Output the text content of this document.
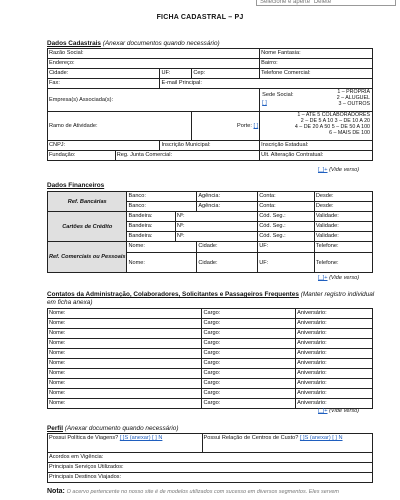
Selecione e aperte "Delete"
FICHA CADASTRAL – PJ
Dados Cadastrais (Anexar documentos quando necessário)
Razão Social:				Nome Fantasia:
Endereço:				Bairro:
Cidade:		UF:	Cep:	Telefone Comercial:
Fax:		E-mail Principal:		
Empresa(s) Associada(s):				Sede Social:
[ ]
1 – PRÓPRIA
2 – ALUGUEL
3 – OUTROS

Ramo de Atividade:			Porte: [ ]	1 – ATÉ 5 COLABORADORES
2 – DE 5 A 10 3 – DE 10 A 20
4 – DE 20 A 50 5 – DE 50 A 100
6 – MAIS DE 100

CNPJ:		Inscrição Municipal:		Inscrição Estadual:
Fundação:	Reg. Junta Comercial:			Ult. Alteração Contratual:
[_]+ (Vide verso)
Dados Financeiros
Ref. Bancárias	Banco:		Agência:	Conta:	Desde:
	Banco:		Agência:	Conta:	Desde:
Cartões de Crédito	Bandeira:	Nº:		Cód. Seg.:	Validade:
	Bandeira:	Nº:		Cód. Seg.:	Validade:
	Bandeira:	Nº:		Cód. Seg.:	Validade:
Ref. Comerciais ou Pessoais	Nome:		Cidade:	UF:	Telefone:
	Nome:		Cidade:	UF:	Telefone:
[_]+ (Vide verso)
Contatos da Administração, Colaboradores, Solicitantes e Passageiros Frequentes (Manter registro individual em ficha anexa)
Nome:	Cargo:	Aniversário:
Nome:	Cargo:	Aniversário:
Nome:	Cargo:	Aniversário:
Nome:	Cargo:	Aniversário:
Nome:	Cargo:	Aniversário:
Nome:	Cargo:	Aniversário:
Nome:	Cargo:	Aniversário:
Nome:	Cargo:	Aniversário:
Nome:	Cargo:	Aniversário:
Nome:	Cargo:	Aniversário:
[_]+ (Vide verso)
Perfil (Anexar documento quando necessário)
Possui Política de Viagens? [ ]S (anexar) [ ] N	Possui Relação de Centros de Custo? [ ]S (anexar) [ ] N
Acordos em Vigência:
Principais Serviços Utilizados:
Principais Destinos Viajados:
Nota: O acervo pertencente no nosso site é de modelos utilizados com sucesso em diversos segmentos. Eles servem
